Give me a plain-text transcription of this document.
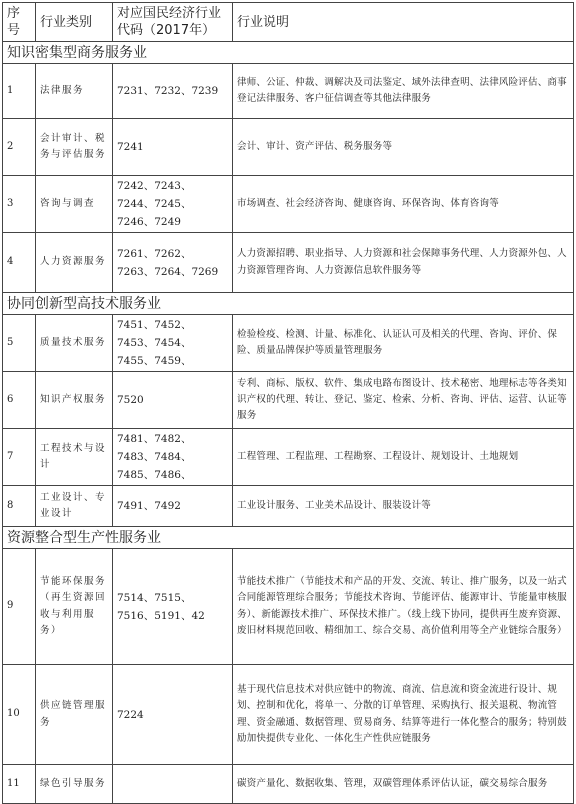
序号	行业类别	对应国民经济行业代码（2017年）	行业说明
知识密集型商务服务业			
1	法律服务	7231、7232、7239	律师、公证、仲裁、调解决及司法鉴定、域外法律查明、法律风险评估、商事登记法律服务、客户征信调查等其他法律服务
2	会计审计、税务与评估服务	7241	会计、审计、资产评估、税务服务等
3	咨询与调查	7242、7243、7244、7245、7246、7249	市场调查、社会经济咨询、健康咨询、环保咨询、体育咨询等
4	人力资源服务	7261、7262、7263、7264、7269	人力资源招聘、职业指导、人力资源和社会保障事务代理、人力资源外包、人力资源管理咨询、人力资源信息软件服务等
协同创新型高技术服务业			
5	质量技术服务	7451、7452、7453、7454、7455、7459、	检验检疫、检测、计量、标准化、认证认可及相关的代理、咨询、评价、保险、质量品牌保护等质量管理服务
6	知识产权服务	7520	专利、商标、版权、软件、集成电路布图设计、技术秘密、地理标志等各类知识产权的代理、转让、登记、鉴定、检索、分析、咨询、评估、运营、认证等服务
7	工程技术与设计	7481、7482、7483、7484、7485、7486、	工程管理、工程监理、工程勘察、工程设计、规划设计、土地规划
8	工业设计、专业设计	7491、7492	工业设计服务、工业美术品设计、服装设计等
资源整合型生产性服务业			
9	节能环保服务（再生资源回收与利用服务）	7514、7515、7516、5191、42	节能技术推广（节能技术和产品的开发、交流、转让、推广服务，以及一站式合同能源管理综合服务；节能技术咨询、节能评估、能源审计、节能量审核服务）、新能源技术推广、环保技术推广。（线上线下协同，提供再生废弃资源、废旧材料规范回收、精细加工、综合交易、高价值利用等全产业链综合服务）
10	供应链管理服务	7224	基于现代信息技术对供应链中的物流、商流、信息流和资金流进行设计、规划、控制和优化，将单一、分散的订单管理、采购执行、报关退税、物流管理、资金融通、数据管理、贸易商务、结算等进行一体化整合的服务；特别鼓励加快提供专业化、一体化生产性供应链服务
11	绿色引导服务		碳资产量化、数据收集、管理，双碳管理体系评估认证，碳交易综合服务
